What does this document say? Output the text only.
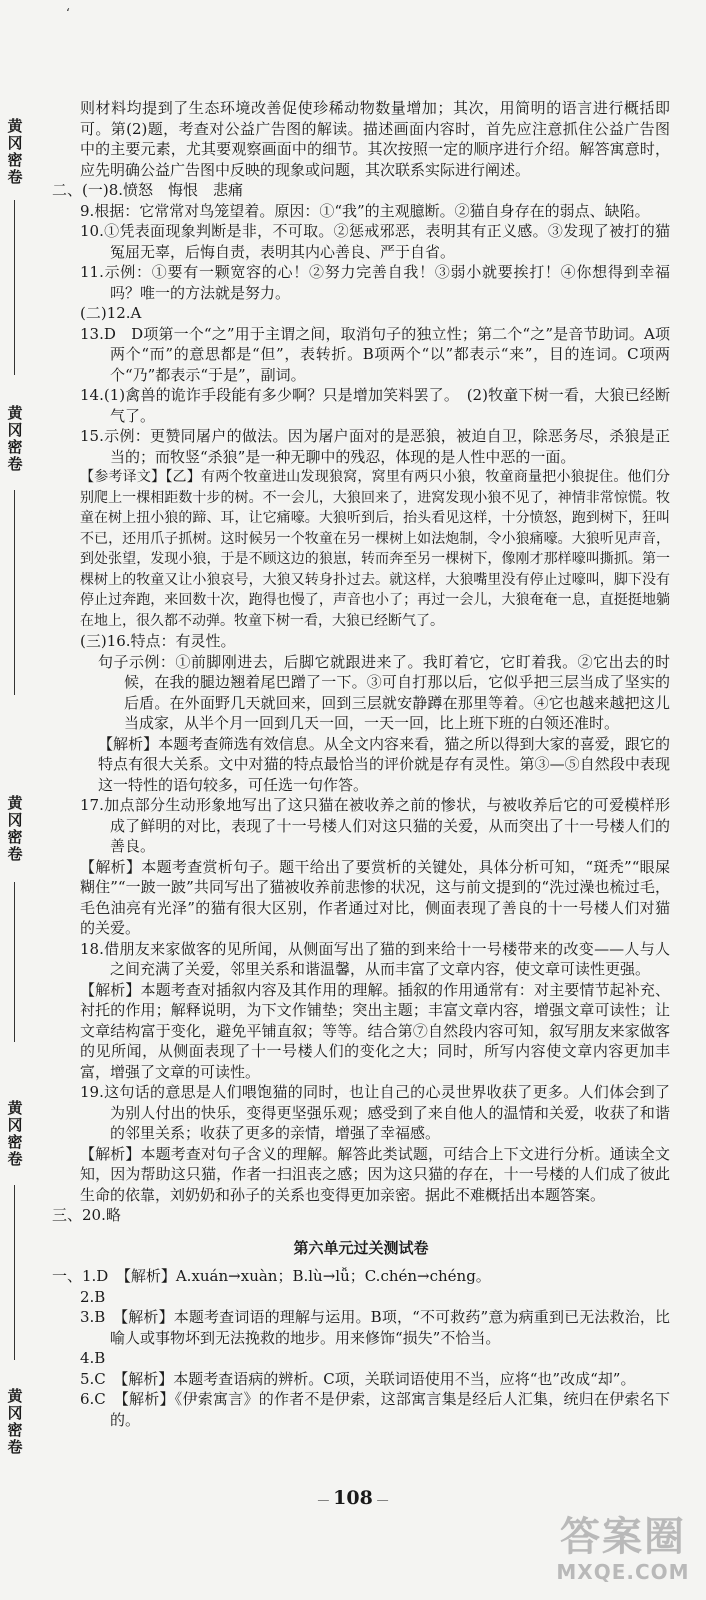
黄冈密卷
黄冈密卷
黄冈密卷
黄冈密卷
黄冈密卷
‘

则材料均提到了生态环境改善促使珍稀动物数量增加；其次，用简明的语言进行概括即可。第(2)题，考查对公益广告图的解读。描述画面内容时，首先应注意抓住公益广告图中的主要元素，尤其要观察画面中的细节。其次按照一定的顺序进行介绍。解答寓意时，应先明确公益广告图中反映的现象或问题，其次联系实际进行阐述。

二、(一)8.愤怒　悔恨　悲痛

9.根据：它常常对鸟笼望着。原因：①“我”的主观臆断。②猫自身存在的弱点、缺陷。

10.①凭表面现象判断是非，不可取。②惩戒邪恶，表明其有正义感。③发现了被打的猫冤屈无辜，后悔自责，表明其内心善良、严于自省。

11.示例：①要有一颗宽容的心！②努力完善自我！③弱小就要挨打！④你想得到幸福吗？唯一的方法就是努力。

(二)12.A

13.D　D项第一个“之”用于主谓之间，取消句子的独立性；第二个“之”是音节助词。A项两个“而”的意思都是“但”，表转折。B项两个“以”都表示“来”，目的连词。C项两个“乃”都表示“于是”，副词。

14.(1)禽兽的诡诈手段能有多少啊？只是增加笑料罢了。　(2)牧童下树一看，大狼已经断气了。

15.示例：更赞同屠户的做法。因为屠户面对的是恶狼，被迫自卫，除恶务尽，杀狼是正当的；而牧竖“杀狼”是一种无聊中的残忍，体现的是人性中恶的一面。

【参考译文】【乙】有两个牧童进山发现狼窝，窝里有两只小狼，牧童商量把小狼捉住。他们分别爬上一棵相距数十步的树。不一会儿，大狼回来了，进窝发现小狼不见了，神情非常惊慌。牧童在树上扭小狼的蹄、耳，让它痛嚎。大狼听到后，抬头看见这样，十分愤怒，跑到树下，狂叫不已，还用爪子抓树。这时候另一个牧童在另一棵树上如法炮制，令小狼痛嚎。大狼听见声音，到处张望，发现小狼，于是不顾这边的狼崽，转而奔至另一棵树下，像刚才那样嚎叫撕抓。第一棵树上的牧童又让小狼哀号，大狼又转身扑过去。就这样，大狼嘴里没有停止过嚎叫，脚下没有停止过奔跑，来回数十次，跑得也慢了，声音也小了；再过一会儿，大狼奄奄一息，直挺挺地躺在地上，很久都不动弹。牧童下树一看，大狼已经断气了。

(三)16.特点：有灵性。

句子示例：①前脚刚进去，后脚它就跟进来了。我盯着它，它盯着我。②它出去的时候，在我的腿边翘着尾巴蹭了一下。③可自打那以后，它似乎把三层当成了坚实的后盾。在外面野几天就回来，回到三层就安静蹲在那里等着。④它也越来越把这儿当成家，从半个月一回到几天一回，一天一回，比上班下班的白领还准时。

【解析】本题考查筛选有效信息。从全文内容来看，猫之所以得到大家的喜爱，跟它的特点有很大关系。文中对猫的特点最恰当的评价就是存有灵性。第③—⑤自然段中表现这一特性的语句较多，可任选一句作答。

17.加点部分生动形象地写出了这只猫在被收养之前的惨状，与被收养后它的可爱模样形成了鲜明的对比，表现了十一号楼人们对这只猫的关爱，从而突出了十一号楼人们的善良。

【解析】本题考查赏析句子。题干给出了要赏析的关键处，具体分析可知，“斑秃”“眼屎糊住”“一跛一跛”共同写出了猫被收养前悲惨的状况，这与前文提到的“洗过澡也梳过毛，毛色油亮有光泽”的猫有很大区别，作者通过对比，侧面表现了善良的十一号楼人们对猫的关爱。

18.借朋友来家做客的见所闻，从侧面写出了猫的到来给十一号楼带来的改变——人与人之间充满了关爱，邻里关系和谐温馨，从而丰富了文章内容，使文章可读性更强。

【解析】本题考查对插叙内容及其作用的理解。插叙的作用通常有：对主要情节起补充、衬托的作用；解释说明，为下文作铺垫；突出主题；丰富文章内容，增强文章可读性；让文章结构富于变化，避免平铺直叙；等等。结合第⑦自然段内容可知，叙写朋友来家做客的见所闻，从侧面表现了十一号楼人们的变化之大；同时，所写内容使文章内容更加丰富，增强了文章的可读性。

19.这句话的意思是人们喂饱猫的同时，也让自己的心灵世界收获了更多。人们体会到了为别人付出的快乐，变得更坚强乐观；感受到了来自他人的温情和关爱，收获了和谐的邻里关系；收获了更多的亲情，增强了幸福感。

【解析】本题考查对句子含义的理解。解答此类试题，可结合上下文进行分析。通读全文知，因为帮助这只猫，作者一扫沮丧之感；因为这只猫的存在，十一号楼的人们成了彼此生命的依靠，刘奶奶和孙子的关系也变得更加亲密。据此不难概括出本题答案。

三、20.略

第六单元过关测试卷

一、1.D　【解析】A.xuán→xuàn；B.lù→lǚ；C.chén→chéng。

2.B

3.B　【解析】本题考查词语的理解与运用。B项，“不可救药”意为病重到已无法救治，比喻人或事物坏到无法挽救的地步。用来修饰“损失”不恰当。

4.B

5.C　【解析】本题考查语病的辨析。C项，关联词语使用不当，应将“也”改成“却”。

6.C　【解析】《伊索寓言》的作者不是伊索，这部寓言集是经后人汇集，统归在伊索名下的。

— 108 —
答案圈
MXQE.COM
